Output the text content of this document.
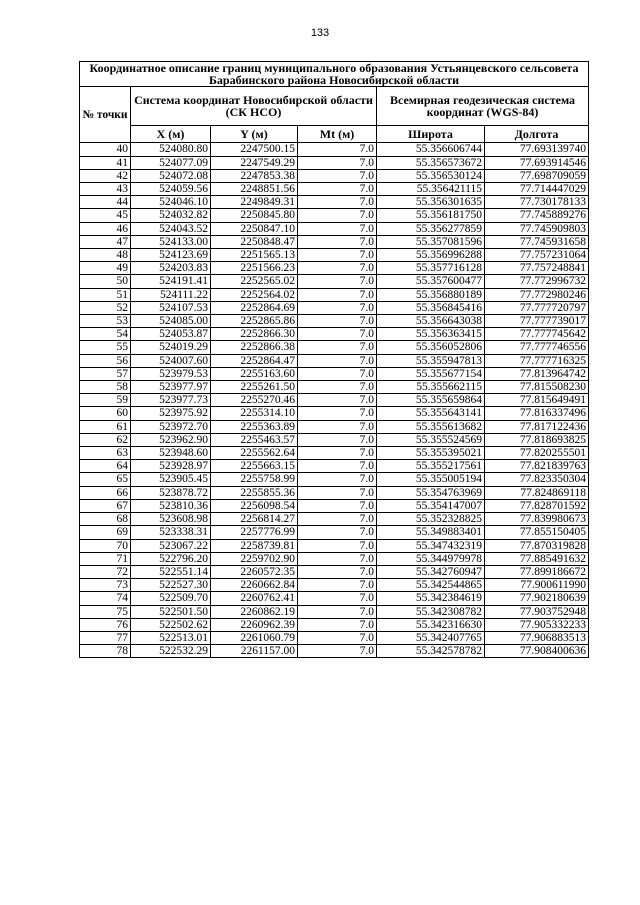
133
Координатное описание границ муниципального образования Устьянцевского сельсовета Барабинского района Новосибирской области					
№ точки	Система координат Новосибирской области (СК НСО)			Всемирная геодезическая система координат (WGS-84)	
	X (м)	Y (м)	Mt (м)	Широта	Долгота
40	524080.80	2247500.15	7.0	55.356606744	77.693139740
41	524077.09	2247549.29	7.0	55.356573672	77.693914546
42	524072.08	2247853.38	7.0	55.356530124	77.698709059
43	524059.56	2248851.56	7.0	55.356421115	77.714447029
44	524046.10	2249849.31	7.0	55.356301635	77.730178133
45	524032.82	2250845.80	7.0	55.356181750	77.745889276
46	524043.52	2250847.10	7.0	55.356277859	77.745909803
47	524133.00	2250848.47	7.0	55.357081596	77.745931658
48	524123.69	2251565.13	7.0	55.356996288	77.757231064
49	524203.83	2251566.23	7.0	55.357716128	77.757248841
50	524191.41	2252565.02	7.0	55.357600477	77.772996732
51	524111.22	2252564.02	7.0	55.356880189	77.772980246
52	524107.53	2252864.69	7.0	55.356845416	77.777720797
53	524085.00	2252865.86	7.0	55.356643038	77.777739017
54	524053.87	2252866.30	7.0	55.356363415	77.777745642
55	524019.29	2252866.38	7.0	55.356052806	77.777746556
56	524007.60	2252864.47	7.0	55.355947813	77.777716325
57	523979.53	2255163.60	7.0	55.355677154	77.813964742
58	523977.97	2255261.50	7.0	55.355662115	77.815508230
59	523977.73	2255270.46	7.0	55.355659864	77.815649491
60	523975.92	2255314.10	7.0	55.355643141	77.816337496
61	523972.70	2255363.89	7.0	55.355613682	77.817122436
62	523962.90	2255463.57	7.0	55.355524569	77.818693825
63	523948.60	2255562.64	7.0	55.355395021	77.820255501
64	523928.97	2255663.15	7.0	55.355217561	77.821839763
65	523905.45	2255758.99	7.0	55.355005194	77.823350304
66	523878.72	2255855.36	7.0	55.354763969	77.824869118
67	523810.36	2256098.54	7.0	55.354147007	77.828701592
68	523608.98	2256814.27	7.0	55.352328825	77.839980673
69	523338.31	2257776.99	7.0	55.349883401	77.855150405
70	523067.22	2258739.81	7.0	55.347432319	77.870319828
71	522796.20	2259702.90	7.0	55.344979978	77.885491632
72	522551.14	2260572.35	7.0	55.342760947	77.899186672
73	522527.30	2260662.84	7.0	55.342544865	77.900611990
74	522509.70	2260762.41	7.0	55.342384619	77.902180639
75	522501.50	2260862.19	7.0	55.342308782	77.903752948
76	522502.62	2260962.39	7.0	55.342316630	77.905332233
77	522513.01	2261060.79	7.0	55.342407765	77.906883513
78	522532.29	2261157.00	7.0	55.342578782	77.908400636
